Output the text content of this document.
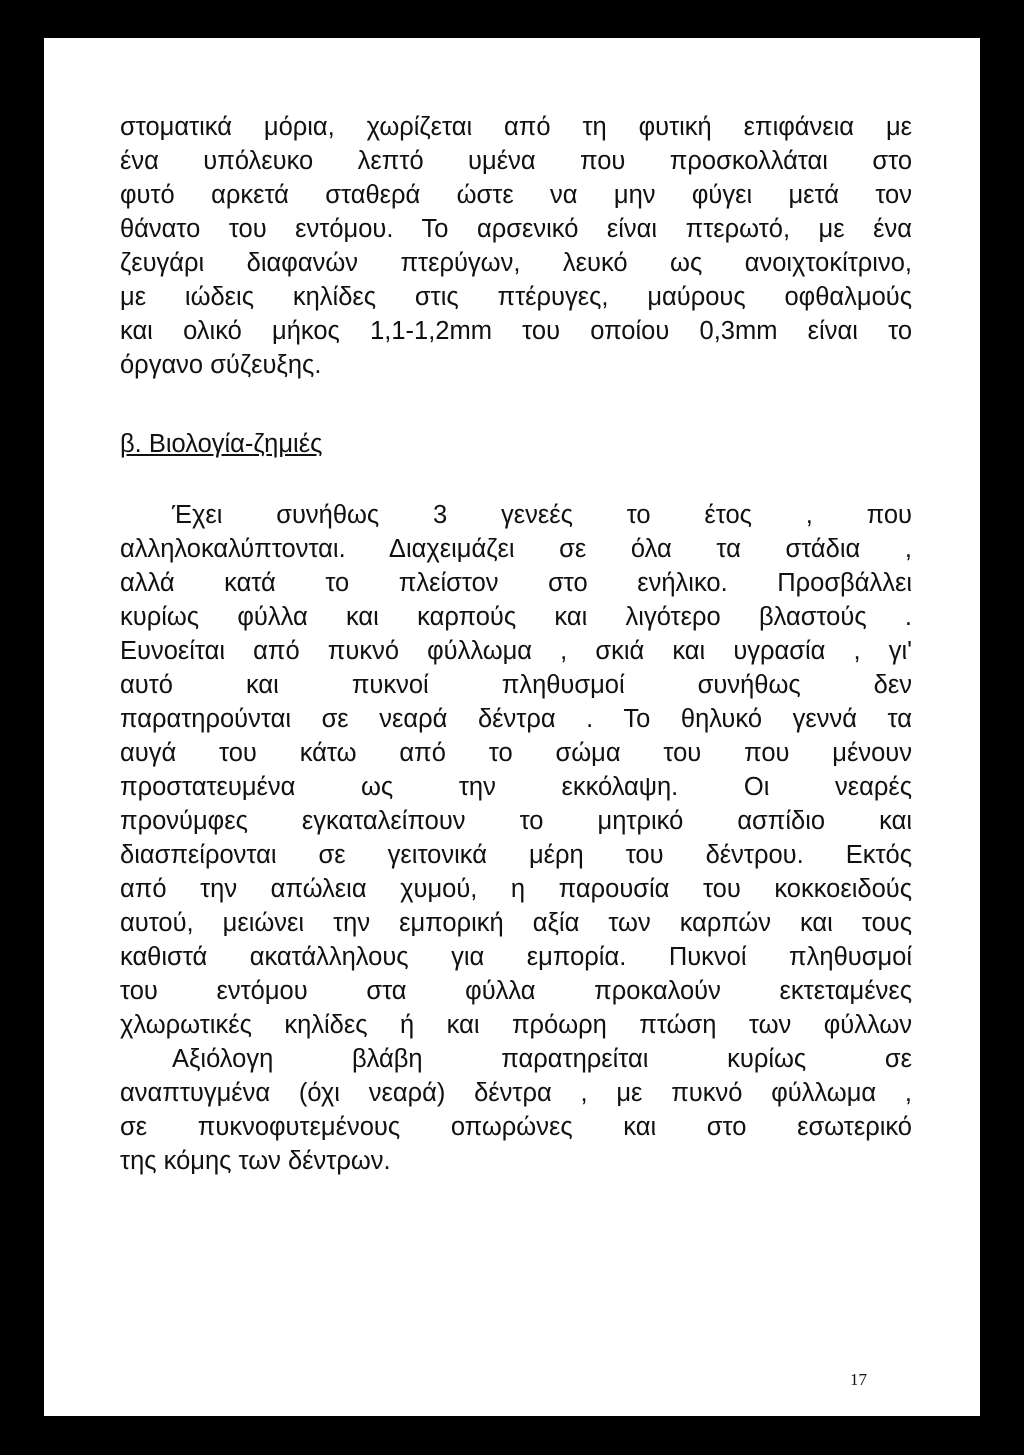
στοματικά μόρια, χωρίζεται από τη φυτική επιφάνεια με
ένα υπόλευκο λεπτό υμένα που προσκολλάται στο
φυτό αρκετά σταθερά ώστε να μην φύγει μετά τον
θάνατο του εντόμου. Το αρσενικό είναι πτερωτό, με ένα
ζευγάρι διαφανών πτερύγων, λευκό ως ανοιχτοκίτρινο,
με ιώδεις κηλίδες στις πτέρυγες, μαύρους οφθαλμούς
και ολικό μήκος 1,1-1,2mm του οποίου 0,3mm είναι το
όργανο σύζευξης.
β. Βιολογία-ζημιές
Έχει συνήθως 3 γενεές το έτος , που
αλληλοκαλύπτονται. Διαχειμάζει σε όλα τα στάδια ,
αλλά κατά το πλείστον στο ενήλικο. Προσβάλλει
κυρίως φύλλα και καρπούς και λιγότερο βλαστούς .
Ευνοείται από πυκνό φύλλωμα , σκιά και υγρασία , γι'
αυτό και πυκνοί πληθυσμοί συνήθως δεν
παρατηρούνται σε νεαρά δέντρα . Το θηλυκό γεννά τα
αυγά του κάτω από το σώμα του που μένουν
προστατευμένα ως την εκκόλαψη. Οι νεαρές
προνύμφες εγκαταλείπουν το μητρικό ασπίδιο και
διασπείρονται σε γειτονικά μέρη του δέντρου. Εκτός
από την απώλεια χυμού, η παρουσία του κοκκοειδούς
αυτού, μειώνει την εμπορική αξία των καρπών και τους
καθιστά ακατάλληλους για εμπορία. Πυκνοί πληθυσμοί
του εντόμου στα φύλλα προκαλούν εκτεταμένες
χλωρωτικές κηλίδες ή και πρόωρη πτώση των φύλλων
Αξιόλογη βλάβη παρατηρείται κυρίως σε
αναπτυγμένα (όχι νεαρά) δέντρα , με πυκνό φύλλωμα ,
σε πυκνοφυτεμένους οπωρώνες και στο εσωτερικό
της κόμης των δέντρων.
17
